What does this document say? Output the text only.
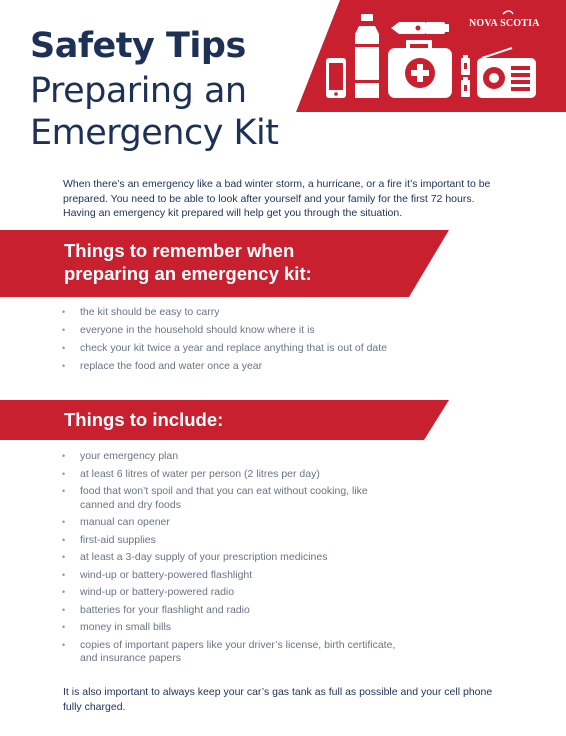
NOVA SCOTIA
Safety Tips
Preparing an
Emergency Kit

When there’s an emergency like a bad winter storm, a hurricane, or a fire it’s important to be prepared. You need to be able to look after yourself and your family for the first 72 hours. Having an emergency kit prepared will help get you through the situation.

Things to remember when
preparing an emergency kit:
• the kit should be easy to carry
• everyone in the household should know where it is
• check your kit twice a year and replace anything that is out of date
• replace the food and water once a year
Things to include:
• your emergency plan
• at least 6 litres of water per person (2 litres per day)
• food that won’t spoil and that you can eat without cooking, like canned and dry foods
• manual can opener
• first-aid supplies
• at least a 3-day supply of your prescription medicines
• wind-up or battery-powered flashlight
• wind-up or battery-powered radio
• batteries for your flashlight and radio
• money in small bills
• copies of important papers like your driver’s license, birth certificate, and insurance papers

It is also important to always keep your car’s gas tank as full as possible and your cell phone fully charged.
